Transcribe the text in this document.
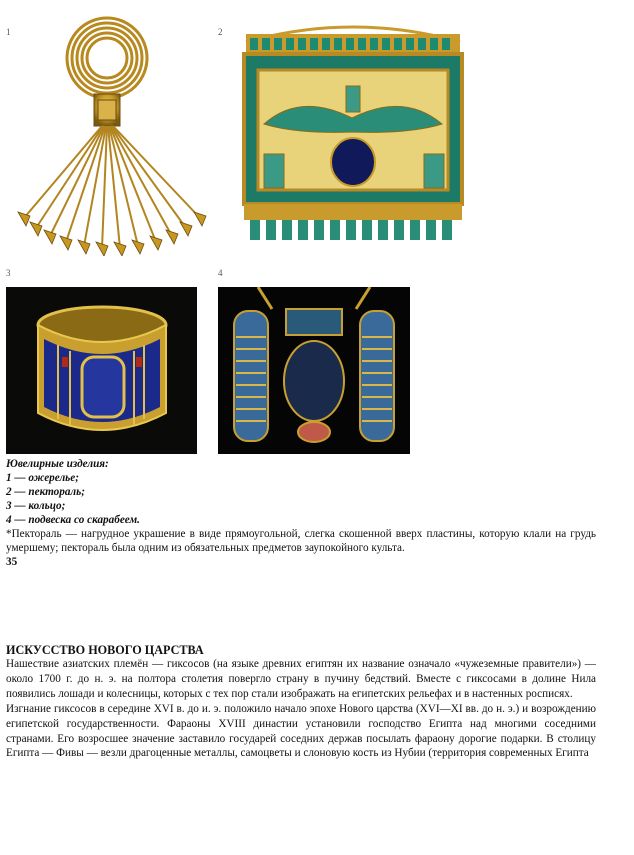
1	2
3	4
Ювелирные изделия:
1 — ожерелье;
2 — пектораль;
3 — кольцо;
4 — подвеска со скарабеем.
*Пектораль — нагрудное украшение в виде прямоугольной, слегка скошенной вверх пластины, которую клали на грудь умершему; пектораль была одним из обязательных предметов заупокойного культа.
35
ИСКУССТВО НОВОГО ЦАРСТВА

Нашествие азиатских племён — гиксосов (на языке древних египтян их название означало «чужеземные правители») — около 1700 г. до н. э. на полтора столетия повергло страну в пучину бедствий. Вместе с гиксосами в долине Нила появились лошади и колесницы, которых с тех пор стали изображать на египетских рельефах и в настенных росписях.

Изгнание гиксосов в середине XVI в. до и. э. положило начало эпохе Нового царства (XVI—XI вв. до н. э.) и возрождению египетской государственности. Фараоны XVIII династии установили господство Египта над многими соседними странами. Его возросшее значение заставило государей соседних держав посылать фараону дорогие подарки. В столицу Египта — Фивы — везли драгоценные металлы, самоцветы и слоновую кость из Нубии (территория современных Египта
